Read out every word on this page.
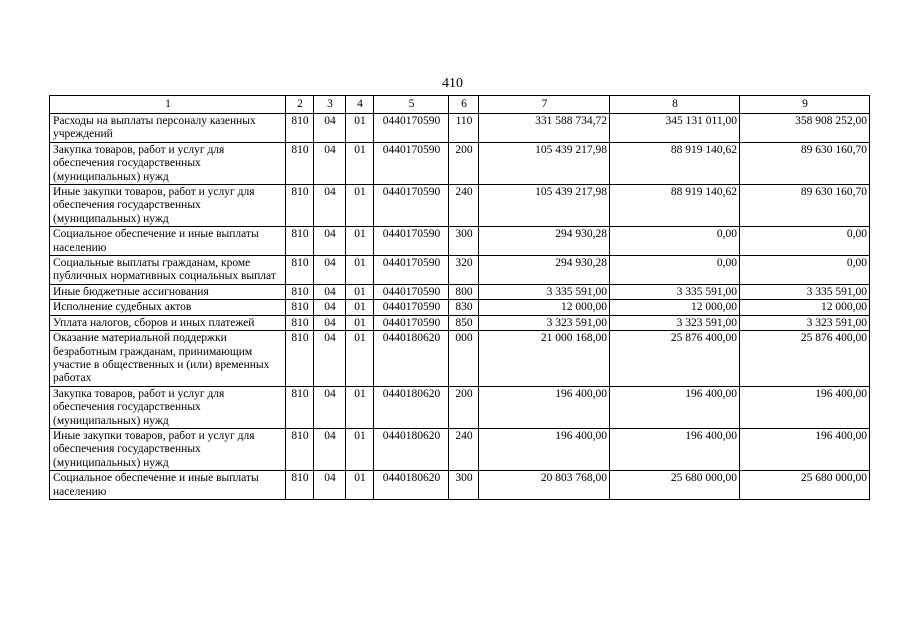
410
1	2	3	4	5	6	7	8	9
Расходы на выплаты персоналу казенных учреждений	810	04	01	0440170590	110	331 588 734,72	345 131 011,00	358 908 252,00
Закупка товаров, работ и услуг для обеспечения государственных (муниципальных) нужд	810	04	01	0440170590	200	105 439 217,98	88 919 140,62	89 630 160,70
Иные закупки товаров, работ и услуг для обеспечения государственных (муниципальных) нужд	810	04	01	0440170590	240	105 439 217,98	88 919 140,62	89 630 160,70
Социальное обеспечение и иные выплаты населению	810	04	01	0440170590	300	294 930,28	0,00	0,00
Социальные выплаты гражданам, кроме публичных нормативных социальных выплат	810	04	01	0440170590	320	294 930,28	0,00	0,00
Иные бюджетные ассигнования	810	04	01	0440170590	800	3 335 591,00	3 335 591,00	3 335 591,00
Исполнение судебных актов	810	04	01	0440170590	830	12 000,00	12 000,00	12 000,00
Уплата налогов, сборов и иных платежей	810	04	01	0440170590	850	3 323 591,00	3 323 591,00	3 323 591,00
Оказание материальной поддержки безработным гражданам, принимающим участие в общественных и (или) временных работах	810	04	01	0440180620	000	21 000 168,00	25 876 400,00	25 876 400,00
Закупка товаров, работ и услуг для обеспечения государственных (муниципальных) нужд	810	04	01	0440180620	200	196 400,00	196 400,00	196 400,00
Иные закупки товаров, работ и услуг для обеспечения государственных (муниципальных) нужд	810	04	01	0440180620	240	196 400,00	196 400,00	196 400,00
Социальное обеспечение и иные выплаты населению	810	04	01	0440180620	300	20 803 768,00	25 680 000,00	25 680 000,00
